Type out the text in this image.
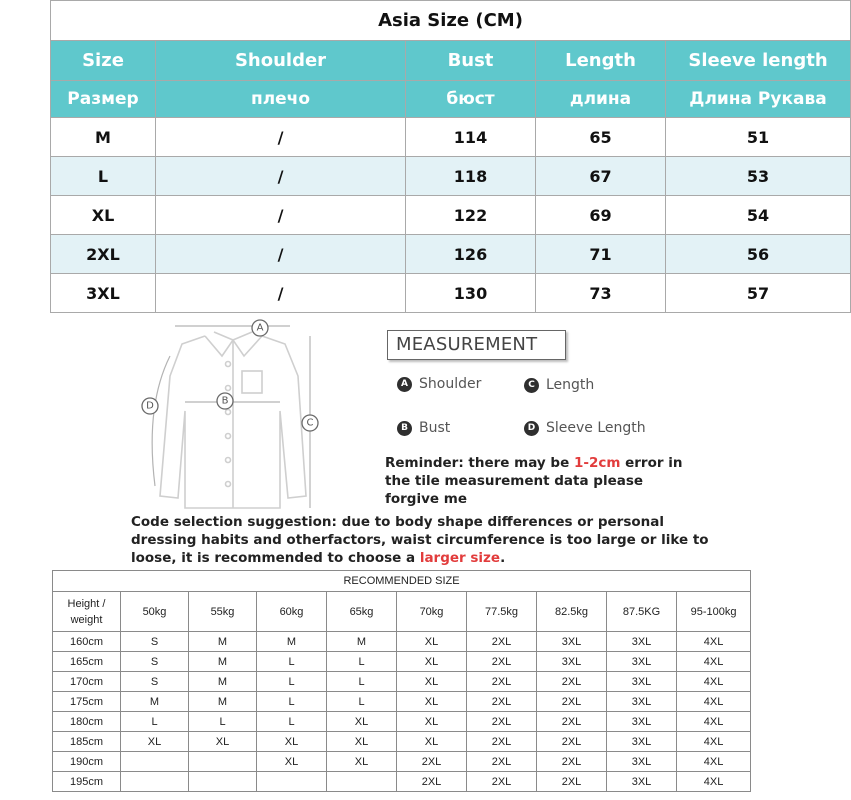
Asia Size (CM)				
Size	Shoulder	Bust	Length	Sleeve length
Размер	плечо	бюст	длина	Длина Рукава
M	/	114	65	51
L	/	118	67	53
XL	/	122	69	54
2XL	/	126	71	56
3XL	/	130	73	57
A
B
C
D
MEASUREMENT
A Shoulder	C Length
B Bust	D Sleeve Length
Reminder: there may be 1-2cm error in the tile measurement data please forgive me
Code selection suggestion: due to body shape differences or personal dressing habits and otherfactors, waist circumference is too large or like to loose, it is recommended to choose a larger size.
RECOMMENDED SIZE									
Height /
weight	50kg	55kg	60kg	65kg	70kg	77.5kg	82.5kg	87.5KG	95-100kg
160cm	S	M	M	M	XL	2XL	3XL	3XL	4XL
165cm	S	M	L	L	XL	2XL	3XL	3XL	4XL
170cm	S	M	L	L	XL	2XL	2XL	3XL	4XL
175cm	M	M	L	L	XL	2XL	2XL	3XL	4XL
180cm	L	L	L	XL	XL	2XL	2XL	3XL	4XL
185cm	XL	XL	XL	XL	XL	2XL	2XL	3XL	4XL
190cm			XL	XL	2XL	2XL	2XL	3XL	4XL
195cm					2XL	2XL	2XL	3XL	4XL
